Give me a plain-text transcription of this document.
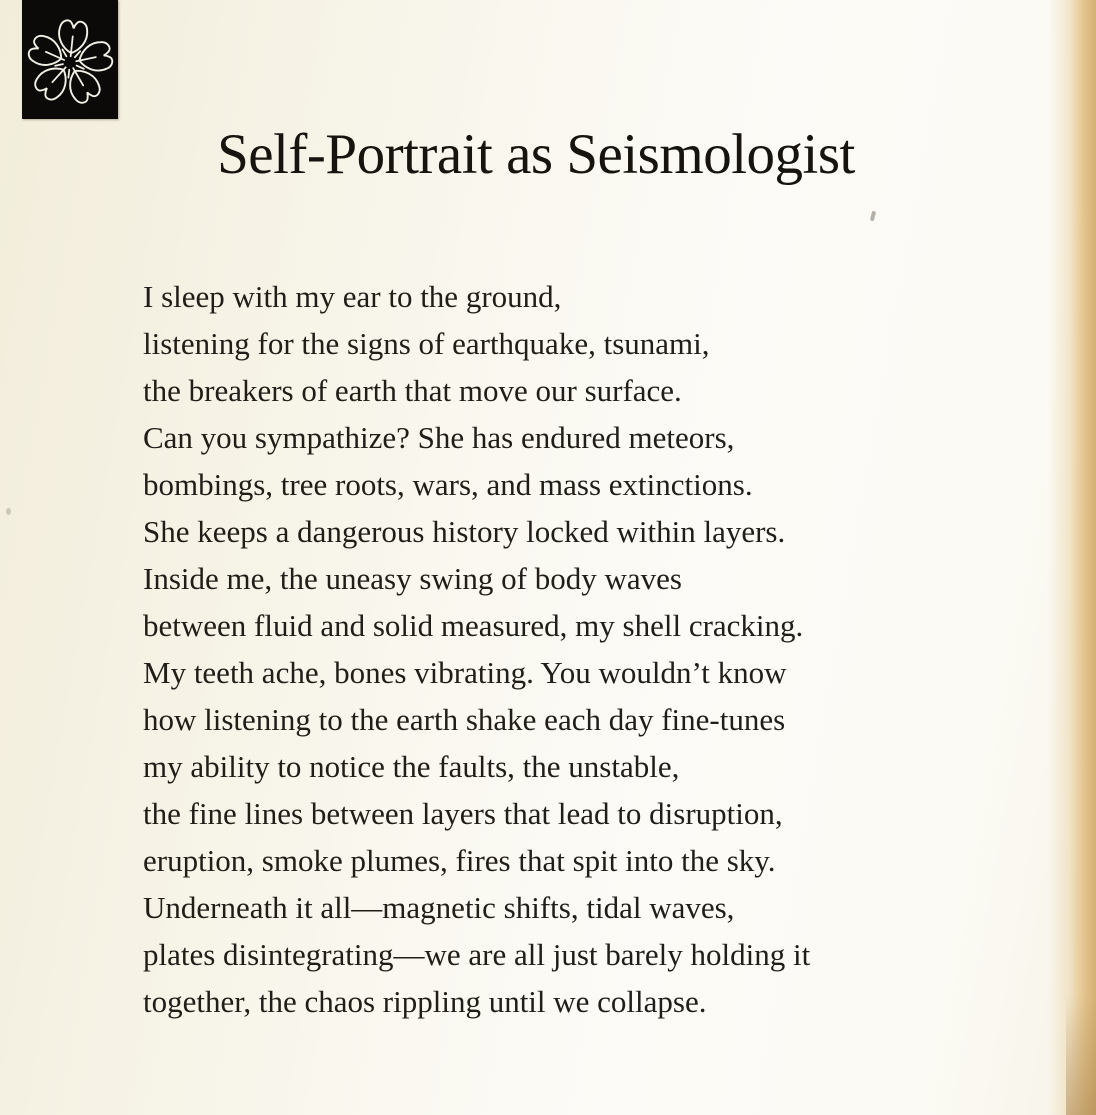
Self-Portrait as Seismologist
I sleep with my ear to the ground,
listening for the signs of earthquake, tsunami,
the breakers of earth that move our surface.
Can you sympathize? She has endured meteors,
bombings, tree roots, wars, and mass extinctions.
She keeps a dangerous history locked within layers.
Inside me, the uneasy swing of body waves
between fluid and solid measured, my shell cracking.
My teeth ache, bones vibrating. You wouldn’t know
how listening to the earth shake each day fine-tunes
my ability to notice the faults, the unstable,
the fine lines between layers that lead to disruption,
eruption, smoke plumes, fires that spit into the sky.
Underneath it all—magnetic shifts, tidal waves,
plates disintegrating—we are all just barely holding it
together, the chaos rippling until we collapse.
